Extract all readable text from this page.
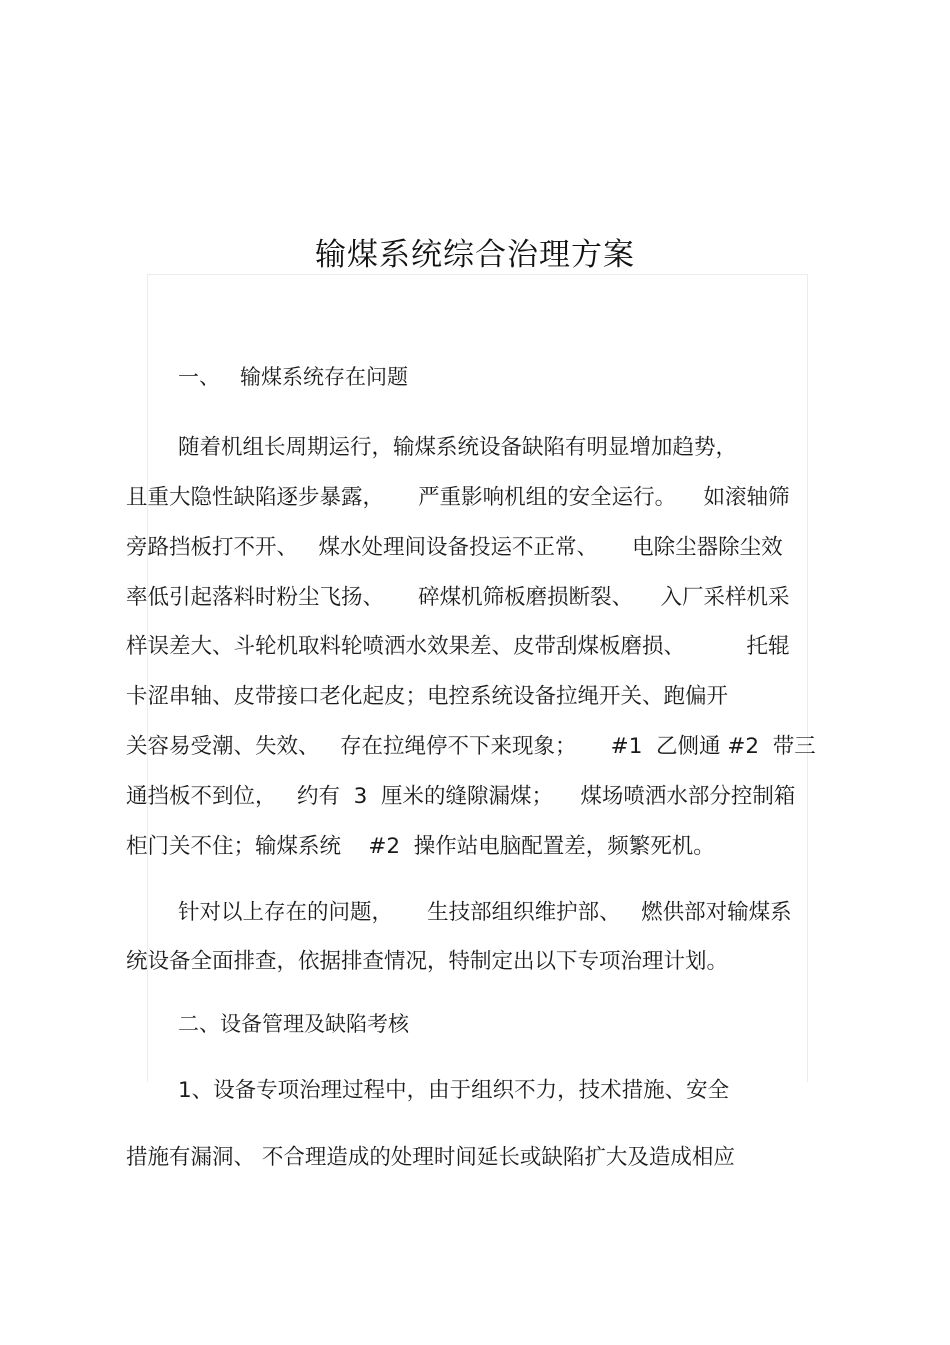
输煤系统综合治理方案

一、   输煤系统存在问题

随着机组长周期运行，输煤系统设备缺陷有明显增加趋势，

且重大隐性缺陷逐步暴露，     严重影响机组的安全运行。    如滚轴筛

旁路挡板打不开、   煤水处理间设备投运不正常、     电除尘器除尘效

率低引起落料时粉尘飞扬、     碎煤机筛板磨损断裂、    入厂采样机采

样误差大、斗轮机取料轮喷洒水效果差、皮带刮煤板磨损、         托辊

卡涩串轴、皮带接口老化起皮；电控系统设备拉绳开关、跑偏开

关容易受潮、失效、   存在拉绳停不下来现象；     #1  乙侧通 #2  带三

通挡板不到位，   约有  3  厘米的缝隙漏煤；    煤场喷洒水部分控制箱

柜门关不住；输煤系统    #2  操作站电脑配置差，频繁死机。

针对以上存在的问题，     生技部组织维护部、   燃供部对输煤系

统设备全面排查，依据排查情况，特制定出以下专项治理计划。

二、设备管理及缺陷考核

1、设备专项治理过程中，由于组织不力，技术措施、安全

措施有漏洞、 不合理造成的处理时间延长或缺陷扩大及造成相应
